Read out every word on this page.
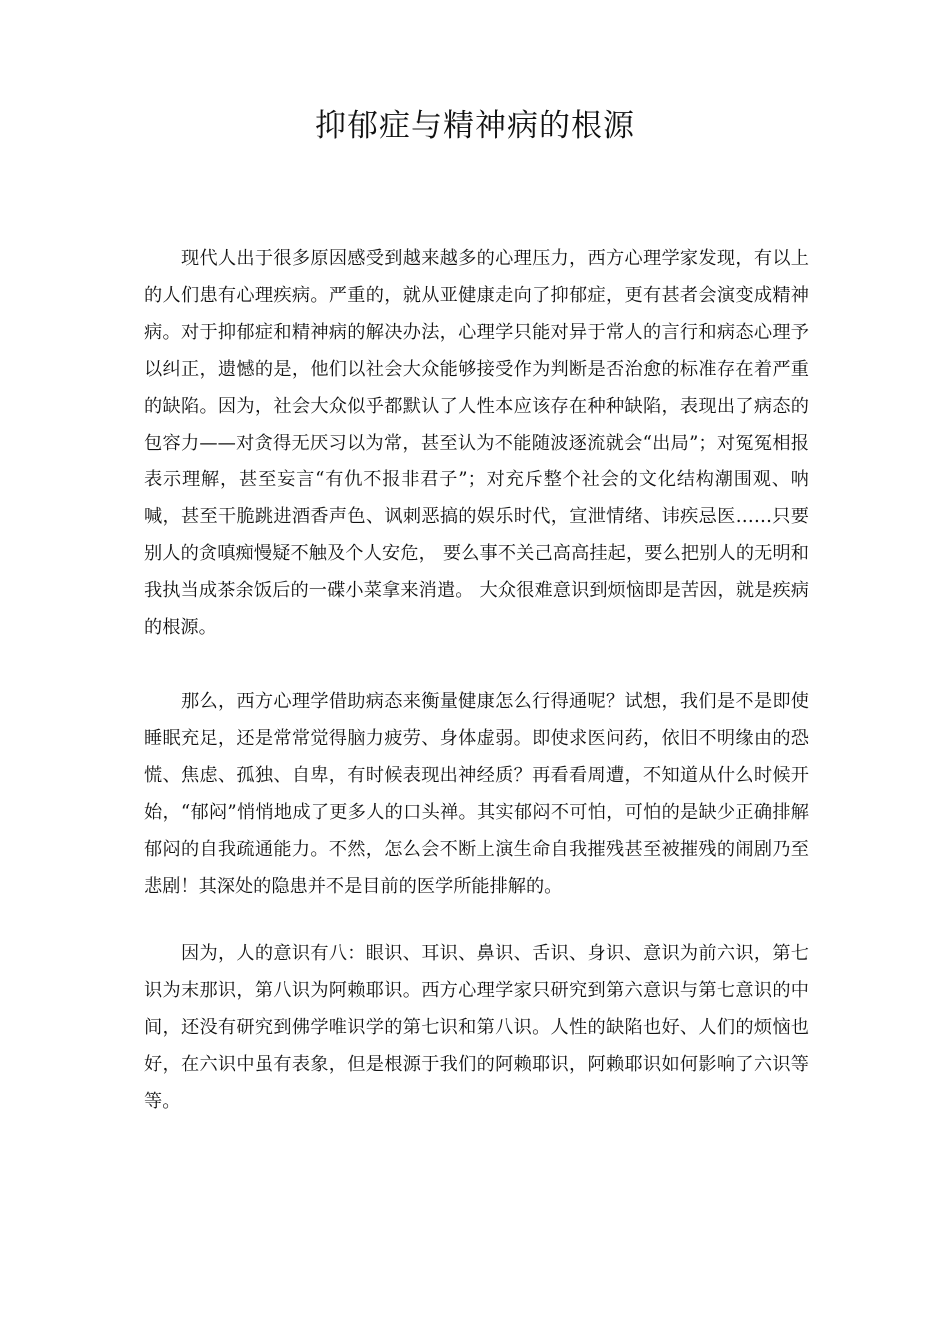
抑郁症与精神病的根源

现代人出于很多原因感受到越来越多的心理压力，西方心理学家发现，有以上的人们患有心理疾病。严重的，就从亚健康走向了抑郁症，更有甚者会演变成精神病。对于抑郁症和精神病的解决办法，心理学只能对异于常人的言行和病态心理予以纠正，遗憾的是，他们以社会大众能够接受作为判断是否治愈的标准存在着严重的缺陷。因为，社会大众似乎都默认了人性本应该存在种种缺陷，表现出了病态的包容力——对贪得无厌习以为常，甚至认为不能随波逐流就会“出局”；对冤冤相报表示理解，甚至妄言“有仇不报非君子”；对充斥整个社会的文化结构潮围观、呐喊，甚至干脆跳进酒香声色、讽刺恶搞的娱乐时代，宣泄情绪、讳疾忌医……只要别人的贪嗔痴慢疑不触及个人安危， 要么事不关己高高挂起，要么把别人的无明和我执当成茶余饭后的一碟小菜拿来消遣。 大众很难意识到烦恼即是苦因，就是疾病的根源。

那么，西方心理学借助病态来衡量健康怎么行得通呢？试想，我们是不是即使睡眠充足，还是常常觉得脑力疲劳、身体虚弱。即使求医问药，依旧不明缘由的恐慌、焦虑、孤独、自卑，有时候表现出神经质？再看看周遭，不知道从什么时候开始，“郁闷”悄悄地成了更多人的口头禅。其实郁闷不可怕，可怕的是缺少正确排解郁闷的自我疏通能力。不然，怎么会不断上演生命自我摧残甚至被摧残的闹剧乃至悲剧！其深处的隐患并不是目前的医学所能排解的。

因为，人的意识有八：眼识、耳识、鼻识、舌识、身识、意识为前六识，第七识为末那识，第八识为阿赖耶识。西方心理学家只研究到第六意识与第七意识的中间，还没有研究到佛学唯识学的第七识和第八识。人性的缺陷也好、人们的烦恼也好，在六识中虽有表象，但是根源于我们的阿赖耶识，阿赖耶识如何影响了六识等等。
